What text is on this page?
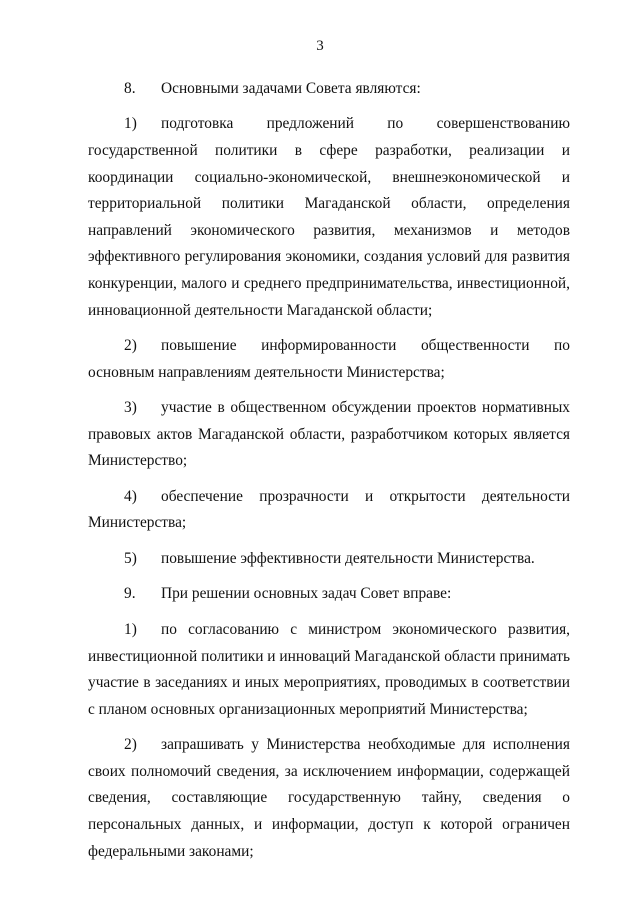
3

8. Основными задачами Совета являются:

1) подготовка предложений по совершенствованию государственной политики в сфере разработки, реализации и координации социально-экономической, внешнеэкономической и территориальной политики Магаданской области, определения направлений экономического развития, механизмов и методов эффективного регулирования экономики, создания условий для развития конкуренции, малого и среднего предпринимательства, инвестиционной, инновационной деятельности Магаданской области;

2) повышение информированности общественности по основным направлениям деятельности Министерства;

3) участие в общественном обсуждении проектов нормативных правовых актов Магаданской области, разработчиком которых является Министерство;

4) обеспечение прозрачности и открытости деятельности Министерства;

5) повышение эффективности деятельности Министерства.

9. При решении основных задач Совет вправе:

1) по согласованию с министром экономического развития, инвестиционной политики и инноваций Магаданской области принимать участие в заседаниях и иных мероприятиях, проводимых в соответствии с планом основных организационных мероприятий Министерства;

2) запрашивать у Министерства необходимые для исполнения своих полномочий сведения, за исключением информации, содержащей сведения, составляющие государственную тайну, сведения о персональных данных, и информации, доступ к которой ограничен федеральными законами;
